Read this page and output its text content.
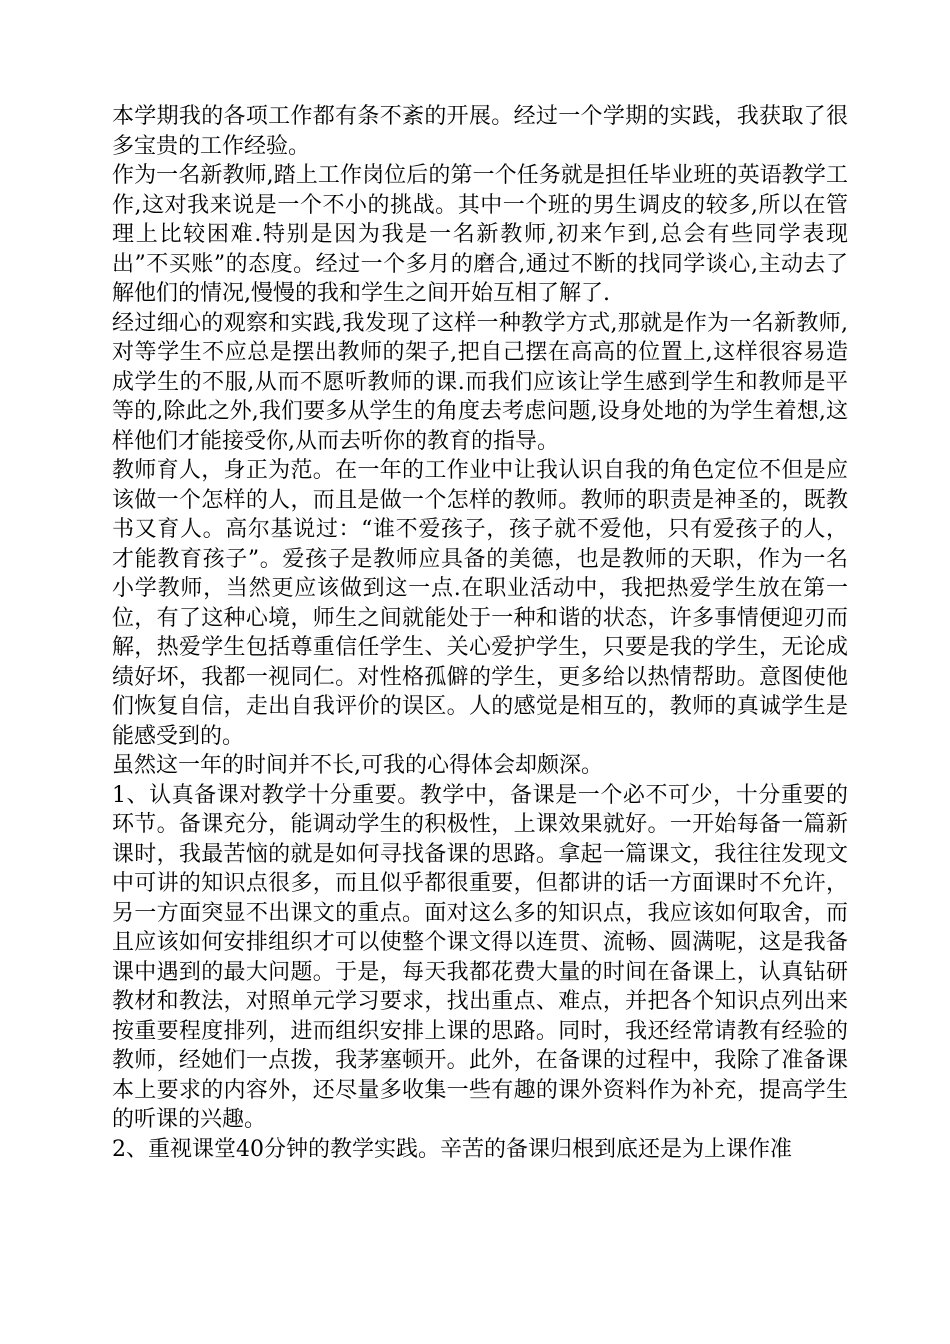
本学期我的各项工作都有条不紊的开展。经过一个学期的实践，我获取了很多宝贵的工作经验。

作为一名新教师,踏上工作岗位后的第一个任务就是担任毕业班的英语教学工作,这对我来说是一个不小的挑战。其中一个班的男生调皮的较多,所以在管理上比较困难.特别是因为我是一名新教师,初来乍到,总会有些同学表现出”不买账”的态度。经过一个多月的磨合,通过不断的找同学谈心,主动去了解他们的情况,慢慢的我和学生之间开始互相了解了.

经过细心的观察和实践,我发现了这样一种教学方式,那就是作为一名新教师,对等学生不应总是摆出教师的架子,把自己摆在高高的位置上,这样很容易造成学生的不服,从而不愿听教师的课.而我们应该让学生感到学生和教师是平等的,除此之外,我们要多从学生的角度去考虑问题,设身处地的为学生着想,这样他们才能接受你,从而去听你的教育的指导。

教师育人，身正为范。在一年的工作业中让我认识自我的角色定位不但是应该做一个怎样的人，而且是做一个怎样的教师。教师的职责是神圣的，既教书又育人。高尔基说过：“谁不爱孩子，孩子就不爱他，只有爱孩子的人，才能教育孩子”。爱孩子是教师应具备的美德，也是教师的天职，作为一名小学教师，当然更应该做到这一点.在职业活动中，我把热爱学生放在第一位，有了这种心境，师生之间就能处于一种和谐的状态，许多事情便迎刃而解，热爱学生包括尊重信任学生、关心爱护学生，只要是我的学生，无论成绩好坏，我都一视同仁。对性格孤僻的学生，更多给以热情帮助。意图使他们恢复自信，走出自我评价的误区。人的感觉是相互的，教师的真诚学生是能感受到的。

虽然这一年的时间并不长,可我的心得体会却颇深。

1、认真备课对教学十分重要。教学中，备课是一个必不可少，十分重要的环节。备课充分，能调动学生的积极性，上课效果就好。一开始每备一篇新课时，我最苦恼的就是如何寻找备课的思路。拿起一篇课文，我往往发现文中可讲的知识点很多，而且似乎都很重要，但都讲的话一方面课时不允许，另一方面突显不出课文的重点。面对这么多的知识点，我应该如何取舍，而且应该如何安排组织才可以使整个课文得以连贯、流畅、圆满呢，这是我备课中遇到的最大问题。于是，每天我都花费大量的时间在备课上，认真钻研教材和教法，对照单元学习要求，找出重点、难点，并把各个知识点列出来按重要程度排列，进而组织安排上课的思路。同时，我还经常请教有经验的教师，经她们一点拨，我茅塞顿开。此外，在备课的过程中，我除了准备课本上要求的内容外，还尽量多收集一些有趣的课外资料作为补充，提高学生的听课的兴趣。

2、重视课堂40分钟的教学实践。辛苦的备课归根到底还是为上课作准
